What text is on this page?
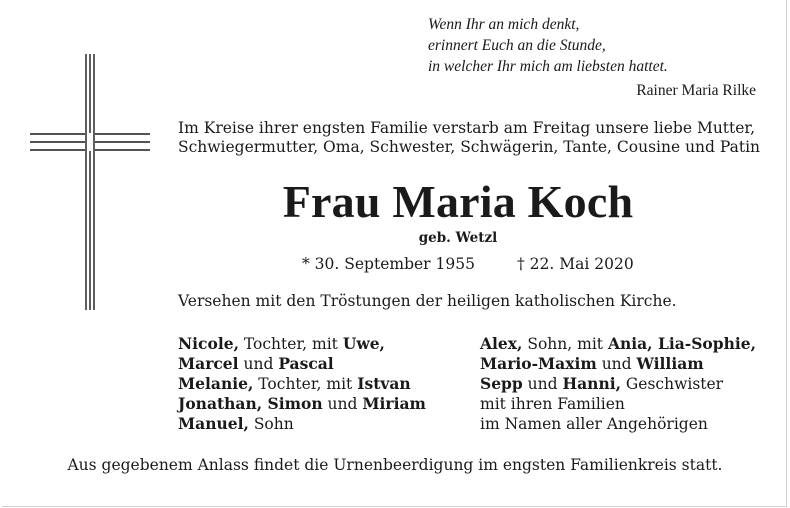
Wenn Ihr an mich denkt,
erinnert Euch an die Stunde,
in welcher Ihr mich am liebsten hattet.
Rainer Maria Rilke
Im Kreise ihrer engsten Familie verstarb am Freitag unsere liebe Mutter,
Schwiegermutter, Oma, Schwester, Schwägerin, Tante, Cousine und Patin
Frau Maria Koch
geb. Wetzl
* 30. September 1955	† 22. Mai 2020
Versehen mit den Tröstungen der heiligen katholischen Kirche.
Nicole, Tochter, mit Uwe,
Marcel und Pascal
Melanie, Tochter, mit Istvan
Jonathan, Simon und Miriam
Manuel, Sohn
Alex, Sohn, mit Ania, Lia-Sophie,
Mario-Maxim und William
Sepp und Hanni, Geschwister
mit ihren Familien
im Namen aller Angehörigen
Aus gegebenem Anlass findet die Urnenbeerdigung im engsten Familienkreis statt.
